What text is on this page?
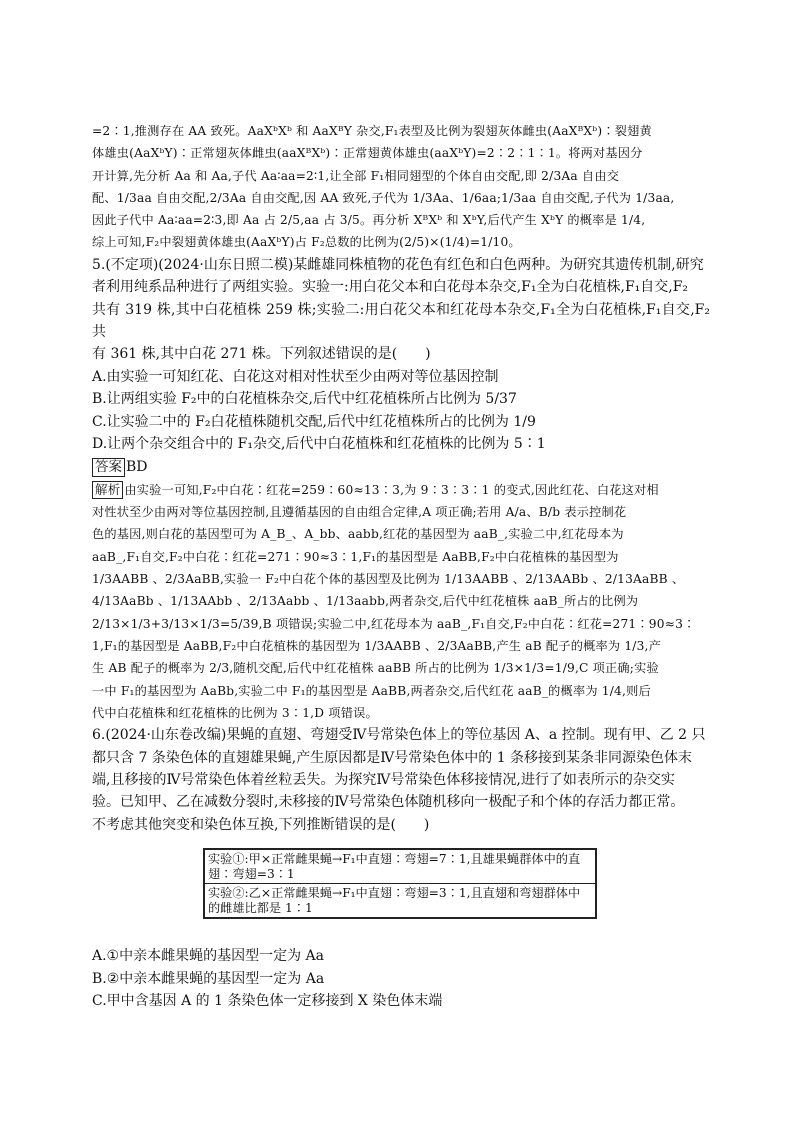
=2∶1,推测存在 AA 致死。AaXᵇXᵇ 和 AaXᴮY 杂交,F₁表型及比例为裂翅灰体雌虫(AaXᴮXᵇ)∶裂翅黄

体雄虫(AaXᵇY)∶正常翅灰体雌虫(aaXᴮXᵇ)∶正常翅黄体雄虫(aaXᵇY)=2∶2∶1∶1。将两对基因分

开计算,先分析 Aa 和 Aa,子代 Aa∶aa=2∶1,让全部 F₁相同翅型的个体自由交配,即 2/3Aa 自由交

配、1/3aa 自由交配,2/3Aa 自由交配,因 AA 致死,子代为 1/3Aa、1/6aa;1/3aa 自由交配,子代为 1/3aa,

因此子代中 Aa∶aa=2∶3,即 Aa 占 2/5,aa 占 3/5。再分析 XᴮXᵇ 和 XᵇY,后代产生 XᵇY 的概率是 1/4,

综上可知,F₂中裂翅黄体雄虫(AaXᵇY)占 F₂总数的比例为(2/5)×(1/4)=1/10。

5.(不定项)(2024·山东日照二模)某雌雄同株植物的花色有红色和白色两种。为研究其遗传机制,研究

者利用纯系品种进行了两组实验。实验一:用白花父本和白花母本杂交,F₁全为白花植株,F₁自交,F₂

共有 319 株,其中白花植株 259 株;实验二:用白花父本和红花母本杂交,F₁全为白花植株,F₁自交,F₂共

有 361 株,其中白花 271 株。下列叙述错误的是(　　)

A.由实验一可知红花、白花这对相对性状至少由两对等位基因控制

B.让两组实验 F₂中的白花植株杂交,后代中红花植株所占比例为 5/37

C.让实验二中的 F₂白花植株随机交配,后代中红花植株所占的比例为 1/9

D.让两个杂交组合中的 F₁杂交,后代中白花植株和红花植株的比例为 5∶1

答案 BD

解析 由实验一可知,F₂中白花∶红花=259∶60≈13∶3,为 9∶3∶3∶1 的变式,因此红花、白花这对相

对性状至少由两对等位基因控制,且遵循基因的自由组合定律,A 项正确;若用 A/a、B/b 表示控制花

色的基因,则白花的基因型可为 A_B_、A_bb、aabb,红花的基因型为 aaB_,实验二中,红花母本为

aaB_,F₁自交,F₂中白花∶红花=271∶90≈3∶1,F₁的基因型是 AaBB,F₂中白花植株的基因型为

1/3AABB 、2/3AaBB,实验一 F₂中白花个体的基因型及比例为 1/13AABB 、2/13AABb 、2/13AaBB 、

4/13AaBb 、1/13AAbb 、2/13Aabb 、1/13aabb,两者杂交,后代中红花植株 aaB_所占的比例为

2/13×1/3+3/13×1/3=5/39,B 项错误;实验二中,红花母本为 aaB_,F₁自交,F₂中白花∶红花=271∶90≈3∶

1,F₁的基因型是 AaBB,F₂中白花植株的基因型为 1/3AABB 、2/3AaBB,产生 aB 配子的概率为 1/3,产

生 AB 配子的概率为 2/3,随机交配,后代中红花植株 aaBB 所占的比例为 1/3×1/3=1/9,C 项正确;实验

一中 F₁的基因型为 AaBb,实验二中 F₁的基因型是 AaBB,两者杂交,后代红花 aaB_的概率为 1/4,则后

代中白花植株和红花植株的比例为 3∶1,D 项错误。

6.(2024·山东卷改编)果蝇的直翅、弯翅受Ⅳ号常染色体上的等位基因 A、a 控制。现有甲、乙 2 只

都只含 7 条染色体的直翅雄果蝇,产生原因都是Ⅳ号常染色体中的 1 条移接到某条非同源染色体末

端,且移接的Ⅳ号常染色体着丝粒丢失。为探究Ⅳ号常染色体移接情况,进行了如表所示的杂交实

验。已知甲、乙在减数分裂时,未移接的Ⅳ号常染色体随机移向一极配子和个体的存活力都正常。

不考虑其他突变和染色体互换,下列推断错误的是(　　)

实验①:甲×正常雌果蝇→F₁中直翅∶弯翅=7∶1,且雄果蝇群体中的直翅∶弯翅=3∶1
实验②:乙×正常雌果蝇→F₁中直翅∶弯翅=3∶1,且直翅和弯翅群体中的雌雄比都是 1∶1

A.①中亲本雌果蝇的基因型一定为 Aa

B.②中亲本雌果蝇的基因型一定为 Aa

C.甲中含基因 A 的 1 条染色体一定移接到 X 染色体末端
